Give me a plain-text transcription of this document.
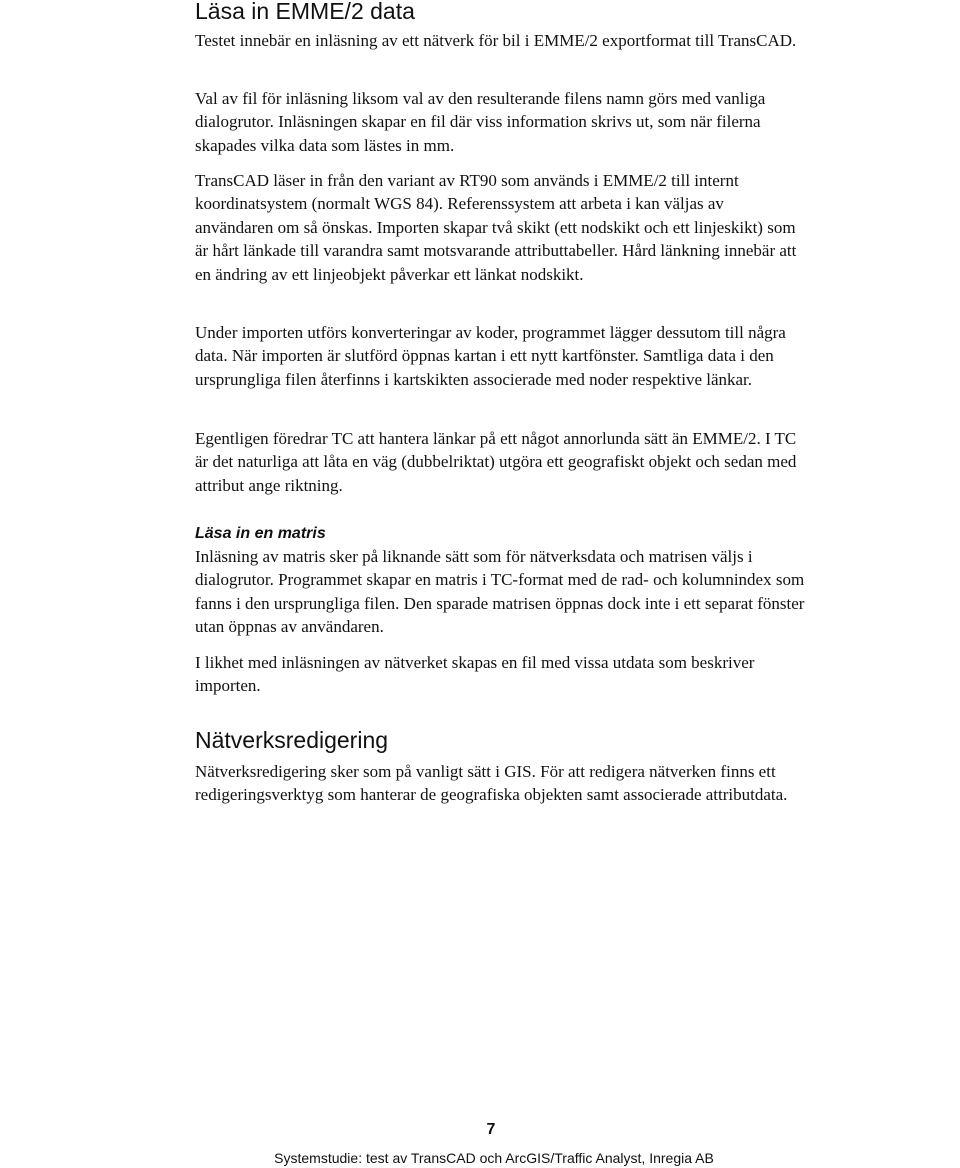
Läsa in EMME/2 data

Testet innebär en inläsning av ett nätverk för bil i EMME/2 exportformat till TransCAD.

Val av fil för inläsning liksom val av den resulterande filens namn görs med vanliga dialogrutor. Inläsningen skapar en fil där viss information skrivs ut, som när filerna skapades vilka data som lästes in mm.

TransCAD läser in från den variant av RT90 som används i EMME/2 till internt koordinatsystem (normalt WGS 84). Referenssystem att arbeta i kan väljas av användaren om så önskas. Importen skapar två skikt (ett nodskikt och ett linjeskikt) som är hårt länkade till varandra samt motsvarande attributtabeller. Hård länkning innebär att en ändring av ett linjeobjekt påverkar ett länkat nodskikt.

Under importen utförs konverteringar av koder, programmet lägger dessutom till några data. När importen är slutförd öppnas kartan i ett nytt kartfönster. Samtliga data i den ursprungliga filen återfinns i kartskikten associerade med noder respektive länkar.

Egentligen föredrar TC att hantera länkar på ett något annorlunda sätt än EMME/2. I TC är det naturliga att låta en väg (dubbelriktat) utgöra ett geografiskt objekt och sedan med attribut ange riktning.

Läsa in en matris

Inläsning av matris sker på liknande sätt som för nätverksdata och matrisen väljs i dialogrutor. Programmet skapar en matris i TC-format med de rad- och kolumnindex som fanns i den ursprungliga filen. Den sparade matrisen öppnas dock inte i ett separat fönster utan öppnas av användaren.

I likhet med inläsningen av nätverket skapas en fil med vissa utdata som beskriver importen.

Nätverksredigering

Nätverksredigering sker som på vanligt sätt i GIS. För att redigera nätverken finns ett redigeringsverktyg som hanterar de geografiska objekten samt associerade attributdata.

7
Systemstudie: test av TransCAD och ArcGIS/Traffic Analyst, Inregia AB
